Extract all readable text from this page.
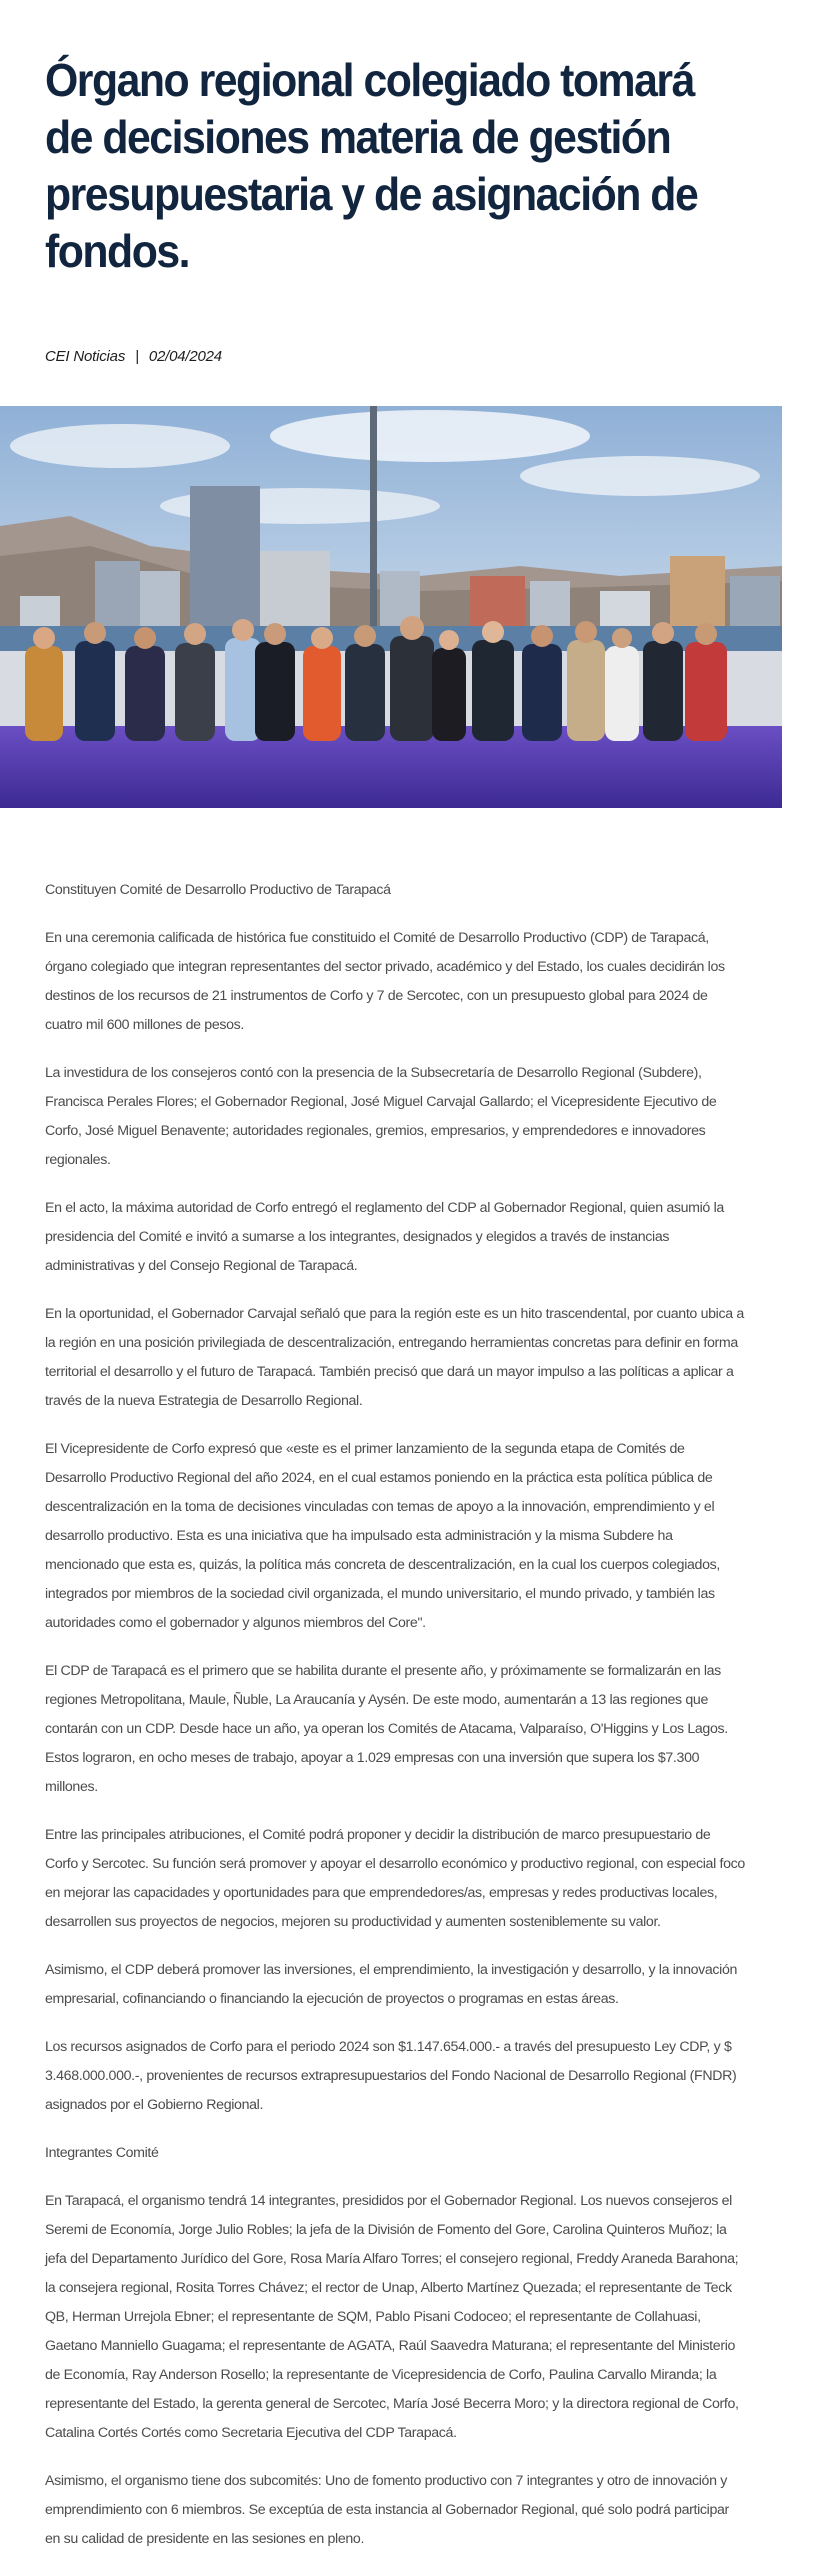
Órgano regional colegiado tomará de decisiones materia de gestión presupuestaria y de asignación de fondos.
CEI Noticias | 02/04/2024

Constituyen Comité de Desarrollo Productivo de Tarapacá

En una ceremonia calificada de histórica fue constituido el Comité de Desarrollo Productivo (CDP) de Tarapacá, órgano colegiado que integran representantes del sector privado, académico y del Estado, los cuales decidirán los destinos de los recursos de 21 instrumentos de Corfo y 7 de Sercotec, con un presupuesto global para 2024 de cuatro mil 600 millones de pesos.

La investidura de los consejeros contó con la presencia de la Subsecretaría de Desarrollo Regional (Subdere), Francisca Perales Flores; el Gobernador Regional, José Miguel Carvajal Gallardo; el Vicepresidente Ejecutivo de Corfo, José Miguel Benavente; autoridades regionales, gremios, empresarios, y emprendedores e innovadores regionales.

En el acto, la máxima autoridad de Corfo entregó el reglamento del CDP al Gobernador Regional, quien asumió la presidencia del Comité e invitó a sumarse a los integrantes, designados y elegidos a través de instancias administrativas y del Consejo Regional de Tarapacá.

En la oportunidad, el Gobernador Carvajal señaló que para la región este es un hito trascendental, por cuanto ubica a la región en una posición privilegiada de descentralización, entregando herramientas concretas para definir en forma territorial el desarrollo y el futuro de Tarapacá. También precisó que dará un mayor impulso a las políticas a aplicar a través de la nueva Estrategia de Desarrollo Regional.

El Vicepresidente de Corfo expresó que «este es el primer lanzamiento de la segunda etapa de Comités de Desarrollo Productivo Regional del año 2024, en el cual estamos poniendo en la práctica esta política pública de descentralización en la toma de decisiones vinculadas con temas de apoyo a la innovación, emprendimiento y el desarrollo productivo. Esta es una iniciativa que ha impulsado esta administración y la misma Subdere ha mencionado que esta es, quizás, la política más concreta de descentralización, en la cual los cuerpos colegiados, integrados por miembros de la sociedad civil organizada, el mundo universitario, el mundo privado, y también las autoridades como el gobernador y algunos miembros del Core".

El CDP de Tarapacá es el primero que se habilita durante el presente año, y próximamente se formalizarán en las regiones Metropolitana, Maule, Ñuble, La Araucanía y Aysén. De este modo, aumentarán a 13 las regiones que contarán con un CDP. Desde hace un año, ya operan los Comités de Atacama, Valparaíso, O'Higgins y Los Lagos. Estos lograron, en ocho meses de trabajo, apoyar a 1.029 empresas con una inversión que supera los $7.300 millones.

Entre las principales atribuciones, el Comité podrá proponer y decidir la distribución de marco presupuestario de Corfo y Sercotec. Su función será promover y apoyar el desarrollo económico y productivo regional, con especial foco en mejorar las capacidades y oportunidades para que emprendedores/as, empresas y redes productivas locales, desarrollen sus proyectos de negocios, mejoren su productividad y aumenten sosteniblemente su valor.

Asimismo, el CDP deberá promover las inversiones, el emprendimiento, la investigación y desarrollo, y la innovación empresarial, cofinanciando o financiando la ejecución de proyectos o programas en estas áreas.

Los recursos asignados de Corfo para el periodo 2024 son $1.147.654.000.- a través del presupuesto Ley CDP, y $ 3.468.000.000.-, provenientes de recursos extrapresupuestarios del Fondo Nacional de Desarrollo Regional (FNDR) asignados por el Gobierno Regional.

Integrantes Comité

En Tarapacá, el organismo tendrá 14 integrantes, presididos por el Gobernador Regional. Los nuevos consejeros el Seremi de Economía, Jorge Julio Robles; la jefa de la División de Fomento del Gore, Carolina Quinteros Muñoz; la jefa del Departamento Jurídico del Gore, Rosa María Alfaro Torres; el consejero regional, Freddy Araneda Barahona; la consejera regional, Rosita Torres Chávez; el rector de Unap, Alberto Martínez Quezada; el representante de Teck QB, Herman Urrejola Ebner; el representante de SQM, Pablo Pisani Codoceo; el representante de Collahuasi, Gaetano Manniello Guagama; el representante de AGATA, Raúl Saavedra Maturana; el representante del Ministerio de Economía, Ray Anderson Rosello; la representante de Vicepresidencia de Corfo, Paulina Carvallo Miranda; la representante del Estado, la gerenta general de Sercotec, María José Becerra Moro; y la directora regional de Corfo, Catalina Cortés Cortés como Secretaria Ejecutiva del CDP Tarapacá.

Asimismo, el organismo tiene dos subcomités: Uno de fomento productivo con 7 integrantes y otro de innovación y emprendimiento con 6 miembros. Se exceptúa de esta instancia al Gobernador Regional, qué solo podrá participar en su calidad de presidente en las sesiones en pleno.
